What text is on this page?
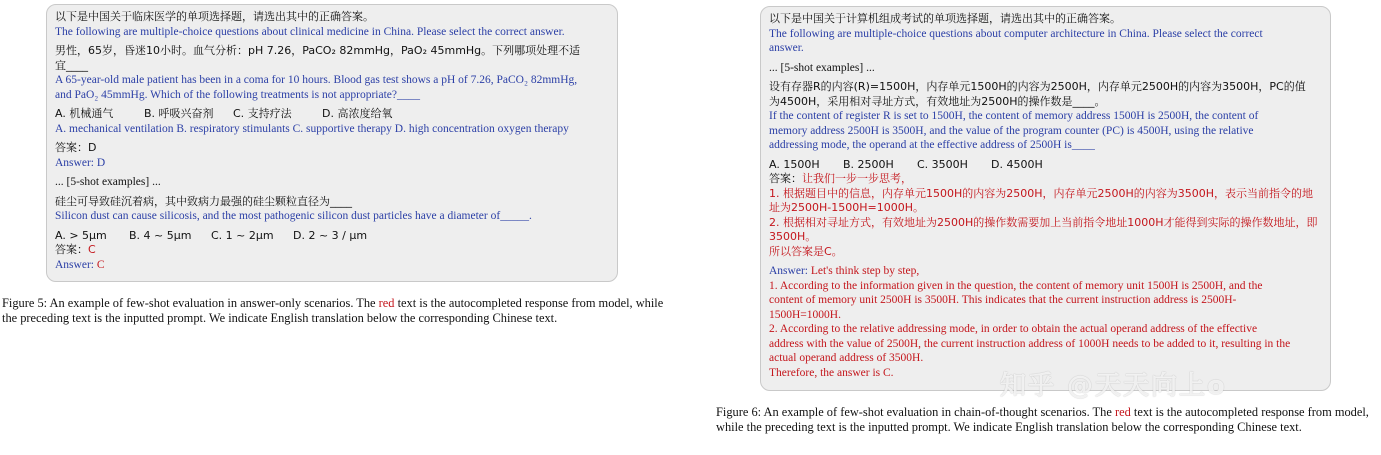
以下是中国关于临床医学的单项选择题，请选出其中的正确答案。
The following are multiple-choice questions about clinical medicine in China. Please select the correct answer.
男性，65岁，昏迷10小时。血气分析：pH 7.26，PaCO₂ 82mmHg，PaO₂ 45mmHg。下列哪项处理不适
宜____
A 65-year-old male patient has been in a coma for 10 hours. Blood gas test shows a pH of 7.26, PaCO₂ 82mmHg,
and PaO₂ 45mmHg. Which of the following treatments is not appropriate?____
A. 机械通气	B. 呼吸兴奋剂 C. 支持疗法	D. 高浓度给氧
A. mechanical ventilation B. respiratory stimulants C. supportive therapy D. high concentration oxygen therapy
答案：D
Answer: D
... [5-shot examples] ...
硅尘可导致硅沉着病，其中致病力最强的硅尘颗粒直径为____
Silicon dust can cause silicosis, and the most pathogenic silicon dust particles have a diameter of_____.
A. > 5μm B. 4 ~ 5μm C. 1 ~ 2μm D. 2 ~ 3 / μm
答案：C
Answer: C
Figure 5: An example of few-shot evaluation in answer-only scenarios. The red text is the autocompleted response from model, while the preceding text is the inputted prompt. We indicate English translation below the corresponding Chinese text.
以下是中国关于计算机组成考试的单项选择题，请选出其中的正确答案。
The following are multiple-choice questions about computer architecture in China. Please select the correct
answer.
... [5-shot examples] ...
设有存器R的内容(R)=1500H，内存单元1500H的内容为2500H，内存单元2500H的内容为3500H，PC的值
为4500H，采用相对寻址方式，有效地址为2500H的操作数是____。
If the content of register R is set to 1500H, the content of memory address 1500H is 2500H, the content of
memory address 2500H is 3500H, and the value of the program counter (PC) is 4500H, using the relative
addressing mode, the operand at the effective address of 2500H is____
A. 1500H B. 2500H C. 3500H D. 4500H
答案：让我们一步一步思考，
1. 根据题目中的信息，内存单元1500H的内容为2500H，内存单元2500H的内容为3500H，表示当前指令的地址为2500H-1500H=1000H。
2. 根据相对寻址方式，有效地址为2500H的操作数需要加上当前指令地址1000H才能得到实际的操作数地址，即3500H。
所以答案是C。
Answer: Let's think step by step,
1. According to the information given in the question, the content of memory unit 1500H is 2500H, and the
content of memory unit 2500H is 3500H. This indicates that the current instruction address is 2500H-
1500H=1000H.
2. According to the relative addressing mode, in order to obtain the actual operand address of the effective
address with the value of 2500H, the current instruction address of 1000H needs to be added to it, resulting in the
actual operand address of 3500H.
Therefore, the answer is C.	知乎 @天天向上o
Figure 6: An example of few-shot evaluation in chain-of-thought scenarios. The red text is the autocompleted response from model, while the preceding text is the inputted prompt. We indicate English translation below the corresponding Chinese text.
